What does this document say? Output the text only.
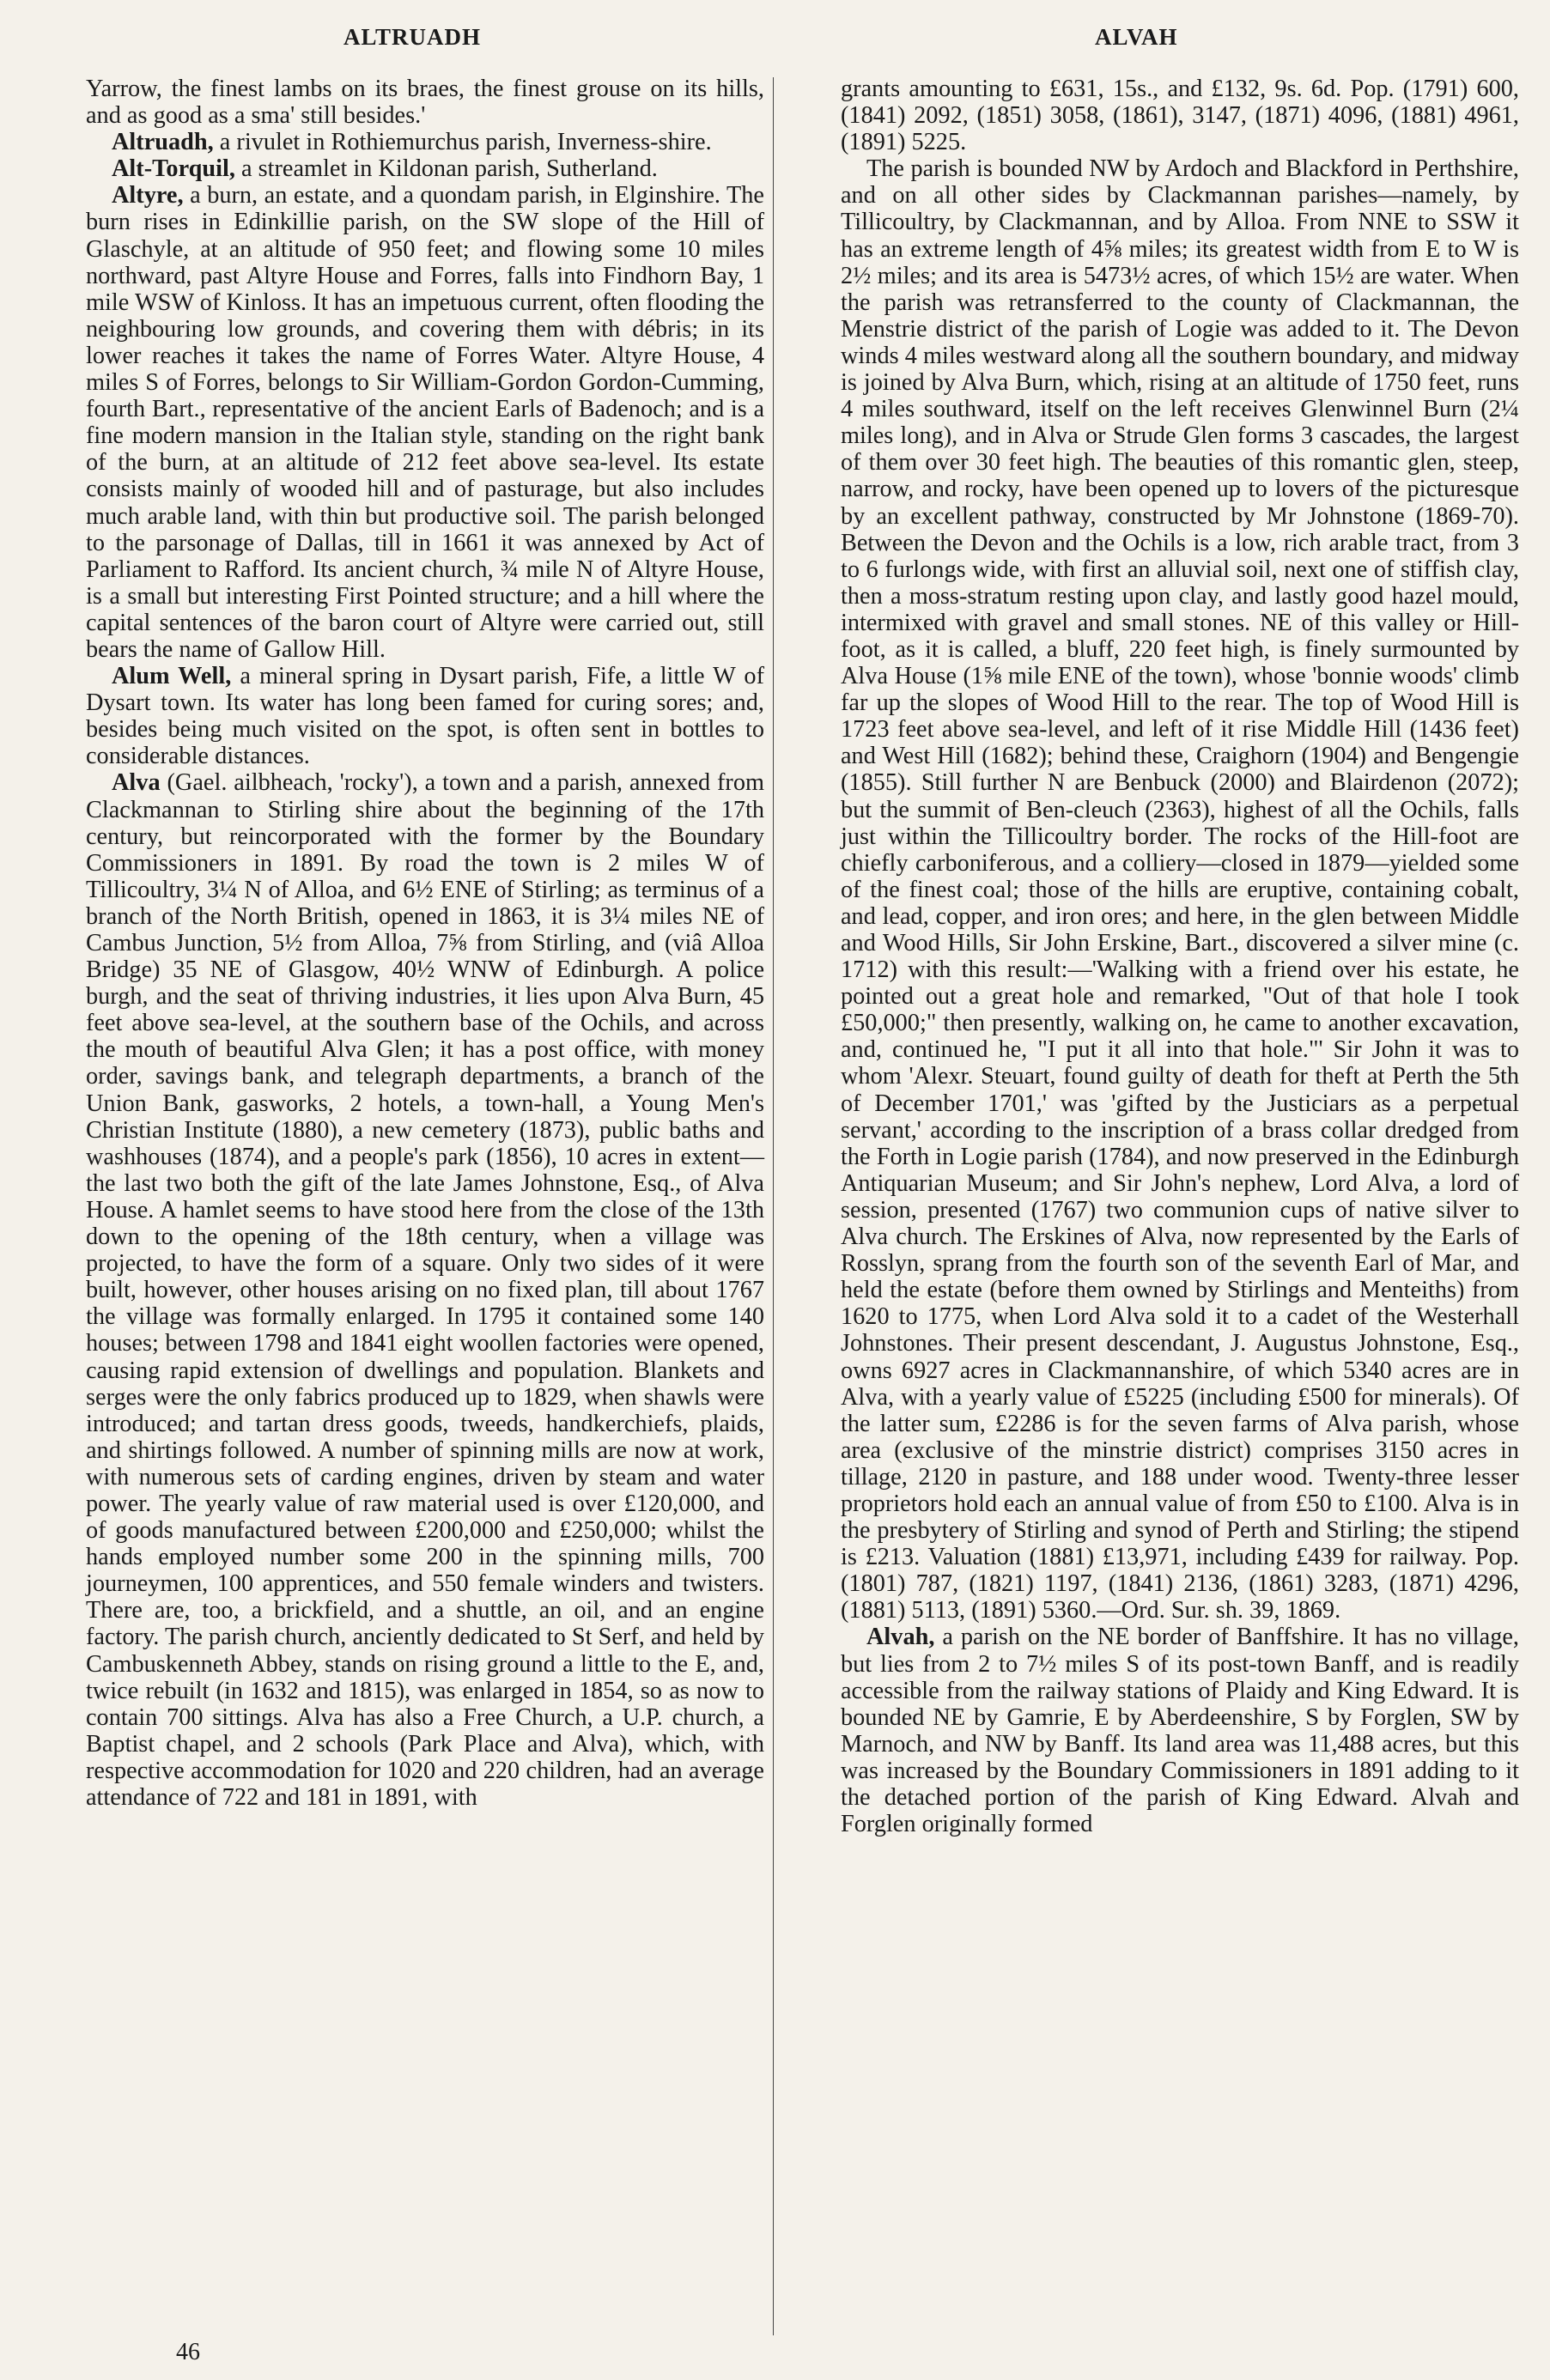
ALTRUADH	ALVAH

Yarrow, the finest lambs on its braes, the finest grouse on its hills, and as good as a sma' still besides.'

Altruadh, a rivulet in Rothiemurchus parish, Inverness-shire.

Alt-Torquil, a streamlet in Kildonan parish, Sutherland.

Altyre, a burn, an estate, and a quondam parish, in Elginshire. The burn rises in Edinkillie parish, on the SW slope of the Hill of Glaschyle, at an altitude of 950 feet; and flowing some 10 miles northward, past Altyre House and Forres, falls into Findhorn Bay, 1 mile WSW of Kinloss. It has an impetuous current, often flooding the neighbouring low grounds, and covering them with débris; in its lower reaches it takes the name of Forres Water. Altyre House, 4 miles S of Forres, belongs to Sir William-Gordon Gordon-Cumming, fourth Bart., representative of the ancient Earls of Badenoch; and is a fine modern mansion in the Italian style, standing on the right bank of the burn, at an altitude of 212 feet above sea-level. Its estate consists mainly of wooded hill and of pasturage, but also includes much arable land, with thin but productive soil. The parish belonged to the parsonage of Dallas, till in 1661 it was annexed by Act of Parliament to Rafford. Its ancient church, ¾ mile N of Altyre House, is a small but interesting First Pointed structure; and a hill where the capital sentences of the baron court of Altyre were carried out, still bears the name of Gallow Hill.

Alum Well, a mineral spring in Dysart parish, Fife, a little W of Dysart town. Its water has long been famed for curing sores; and, besides being much visited on the spot, is often sent in bottles to considerable distances.

Alva (Gael. ailbheach, 'rocky'), a town and a parish, annexed from Clackmannan to Stirling shire about the beginning of the 17th century, but reincorporated with the former by the Boundary Commissioners in 1891. By road the town is 2 miles W of Tillicoultry, 3¼ N of Alloa, and 6½ ENE of Stirling; as terminus of a branch of the North British, opened in 1863, it is 3¼ miles NE of Cambus Junction, 5½ from Alloa, 7⅝ from Stirling, and (viâ Alloa Bridge) 35 NE of Glasgow, 40½ WNW of Edinburgh. A police burgh, and the seat of thriving industries, it lies upon Alva Burn, 45 feet above sea-level, at the southern base of the Ochils, and across the mouth of beautiful Alva Glen; it has a post office, with money order, savings bank, and telegraph departments, a branch of the Union Bank, gasworks, 2 hotels, a town-hall, a Young Men's Christian Institute (1880), a new cemetery (1873), public baths and washhouses (1874), and a people's park (1856), 10 acres in extent—the last two both the gift of the late James Johnstone, Esq., of Alva House. A hamlet seems to have stood here from the close of the 13th down to the opening of the 18th century, when a village was projected, to have the form of a square. Only two sides of it were built, however, other houses arising on no fixed plan, till about 1767 the village was formally enlarged. In 1795 it contained some 140 houses; between 1798 and 1841 eight woollen factories were opened, causing rapid extension of dwellings and population. Blankets and serges were the only fabrics produced up to 1829, when shawls were introduced; and tartan dress goods, tweeds, handkerchiefs, plaids, and shirtings followed. A number of spinning mills are now at work, with numerous sets of carding engines, driven by steam and water power. The yearly value of raw material used is over £120,000, and of goods manufactured between £200,000 and £250,000; whilst the hands employed number some 200 in the spinning mills, 700 journeymen, 100 apprentices, and 550 female winders and twisters. There are, too, a brickfield, and a shuttle, an oil, and an engine factory. The parish church, anciently dedicated to St Serf, and held by Cambuskenneth Abbey, stands on rising ground a little to the E, and, twice rebuilt (in 1632 and 1815), was enlarged in 1854, so as now to contain 700 sittings. Alva has also a Free Church, a U.P. church, a Baptist chapel, and 2 schools (Park Place and Alva), which, with respective accommodation for 1020 and 220 children, had an average attendance of 722 and 181 in 1891, with

grants amounting to £631, 15s., and £132, 9s. 6d. Pop. (1791) 600, (1841) 2092, (1851) 3058, (1861), 3147, (1871) 4096, (1881) 4961, (1891) 5225.

The parish is bounded NW by Ardoch and Blackford in Perthshire, and on all other sides by Clackmannan parishes—namely, by Tillicoultry, by Clackmannan, and by Alloa. From NNE to SSW it has an extreme length of 4⅝ miles; its greatest width from E to W is 2½ miles; and its area is 5473½ acres, of which 15½ are water. When the parish was retransferred to the county of Clackmannan, the Menstrie district of the parish of Logie was added to it. The Devon winds 4 miles westward along all the southern boundary, and midway is joined by Alva Burn, which, rising at an altitude of 1750 feet, runs 4 miles southward, itself on the left receives Glenwinnel Burn (2¼ miles long), and in Alva or Strude Glen forms 3 cascades, the largest of them over 30 feet high. The beauties of this romantic glen, steep, narrow, and rocky, have been opened up to lovers of the picturesque by an excellent pathway, constructed by Mr Johnstone (1869-70). Between the Devon and the Ochils is a low, rich arable tract, from 3 to 6 furlongs wide, with first an alluvial soil, next one of stiffish clay, then a moss-stratum resting upon clay, and lastly good hazel mould, intermixed with gravel and small stones. NE of this valley or Hill-foot, as it is called, a bluff, 220 feet high, is finely surmounted by Alva House (1⅝ mile ENE of the town), whose 'bonnie woods' climb far up the slopes of Wood Hill to the rear. The top of Wood Hill is 1723 feet above sea-level, and left of it rise Middle Hill (1436 feet) and West Hill (1682); behind these, Craighorn (1904) and Bengengie (1855). Still further N are Benbuck (2000) and Blairdenon (2072); but the summit of Ben-cleuch (2363), highest of all the Ochils, falls just within the Tillicoultry border. The rocks of the Hill-foot are chiefly carboniferous, and a colliery—closed in 1879—yielded some of the finest coal; those of the hills are eruptive, containing cobalt, and lead, copper, and iron ores; and here, in the glen between Middle and Wood Hills, Sir John Erskine, Bart., discovered a silver mine (c. 1712) with this result:—'Walking with a friend over his estate, he pointed out a great hole and remarked, "Out of that hole I took £50,000;" then presently, walking on, he came to another excavation, and, continued he, "I put it all into that hole."' Sir John it was to whom 'Alexr. Steuart, found guilty of death for theft at Perth the 5th of December 1701,' was 'gifted by the Justiciars as a perpetual servant,' according to the inscription of a brass collar dredged from the Forth in Logie parish (1784), and now preserved in the Edinburgh Antiquarian Museum; and Sir John's nephew, Lord Alva, a lord of session, presented (1767) two communion cups of native silver to Alva church. The Erskines of Alva, now represented by the Earls of Rosslyn, sprang from the fourth son of the seventh Earl of Mar, and held the estate (before them owned by Stirlings and Menteiths) from 1620 to 1775, when Lord Alva sold it to a cadet of the Westerhall Johnstones. Their present descendant, J. Augustus Johnstone, Esq., owns 6927 acres in Clackmannanshire, of which 5340 acres are in Alva, with a yearly value of £5225 (including £500 for minerals). Of the latter sum, £2286 is for the seven farms of Alva parish, whose area (exclusive of the minstrie district) comprises 3150 acres in tillage, 2120 in pasture, and 188 under wood. Twenty-three lesser proprietors hold each an annual value of from £50 to £100. Alva is in the presbytery of Stirling and synod of Perth and Stirling; the stipend is £213. Valuation (1881) £13,971, including £439 for railway. Pop. (1801) 787, (1821) 1197, (1841) 2136, (1861) 3283, (1871) 4296, (1881) 5113, (1891) 5360.—Ord. Sur. sh. 39, 1869.

Alvah, a parish on the NE border of Banffshire. It has no village, but lies from 2 to 7½ miles S of its post-town Banff, and is readily accessible from the railway stations of Plaidy and King Edward. It is bounded NE by Gamrie, E by Aberdeenshire, S by Forglen, SW by Marnoch, and NW by Banff. Its land area was 11,488 acres, but this was increased by the Boundary Commissioners in 1891 adding to it the detached portion of the parish of King Edward. Alvah and Forglen originally formed

46
